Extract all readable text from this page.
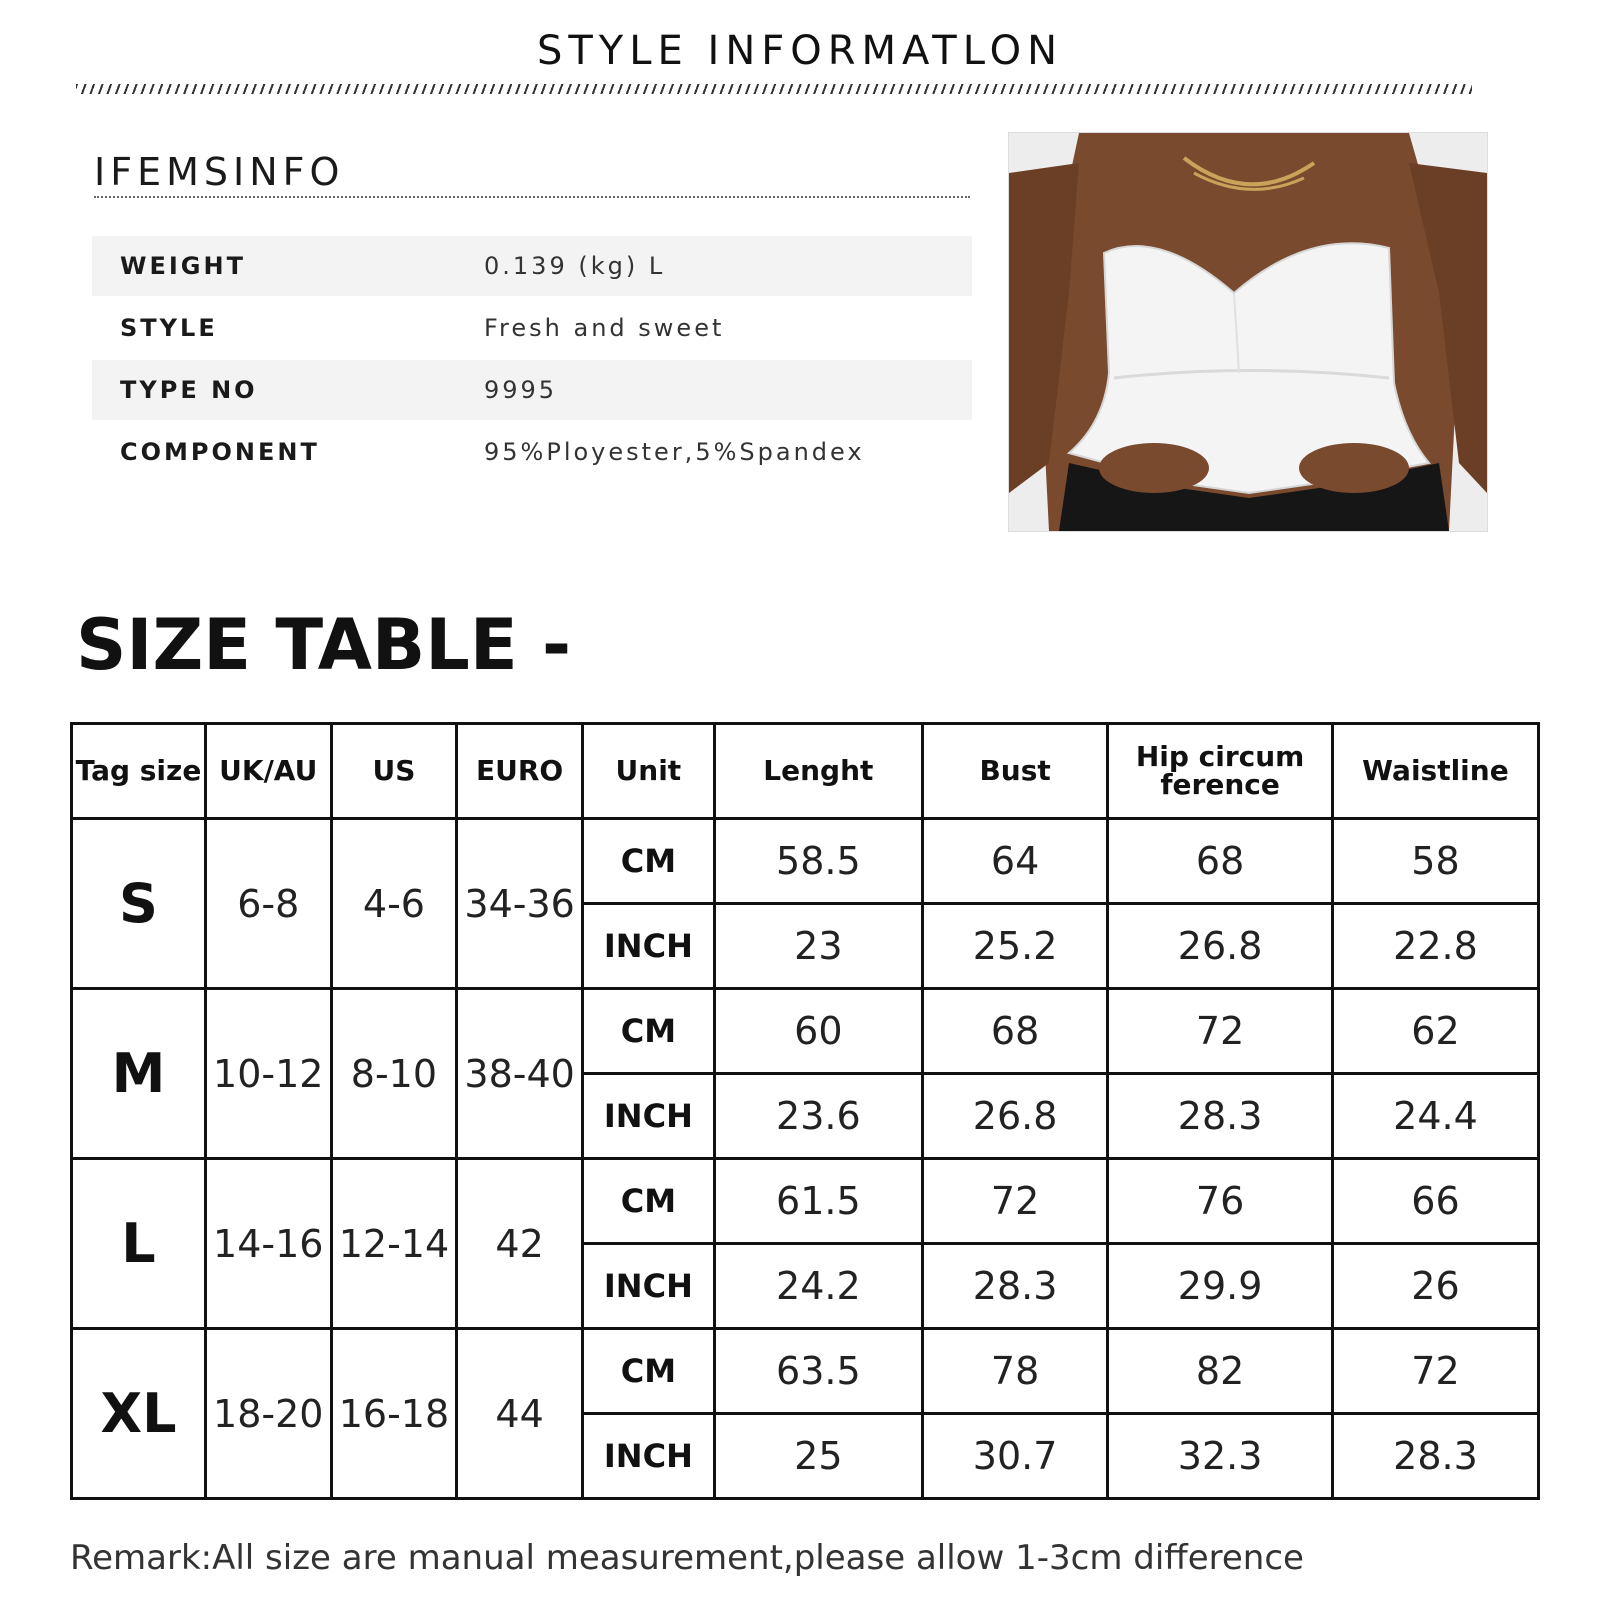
STYLE INFORMATLON
IFEMSINFO
WEIGHT	0.139 (kg) L
STYLE	Fresh and sweet
TYPE NO	9995
COMPONENT	95%Ployester,5%Spandex
SIZE TABLE -
Tag size	UK/AU	US	EURO	Unit	Lenght	Bust	Hip circum ference	Waistline
S	6-8	4-6	34-36	CM	58.5	64	68	58
				INCH	23	25.2	26.8	22.8
M	10-12	8-10	38-40	CM	60	68	72	62
				INCH	23.6	26.8	28.3	24.4
L	14-16	12-14	42	CM	61.5	72	76	66
				INCH	24.2	28.3	29.9	26
XL	18-20	16-18	44	CM	63.5	78	82	72
				INCH	25	30.7	32.3	28.3
Remark:All size are manual measurement,please allow 1-3cm difference
